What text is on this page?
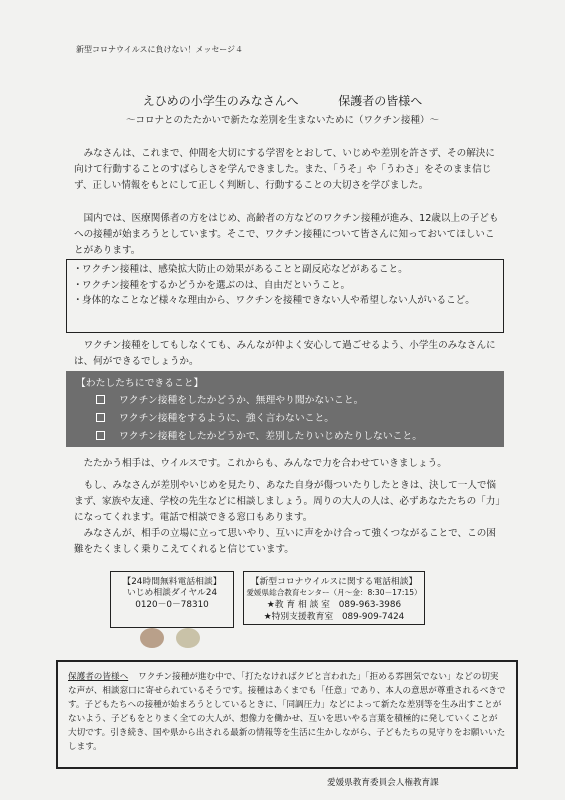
新型コロナウイルスに負けない！メッセージ４
えひめの小学生のみなさんへ	保護者の皆様へ
～コロナとのたたかいで新たな差別を生まないために（ワクチン接種）～

みなさんは、これまで、仲間を大切にする学習をとおして、いじめや差別を許さず、その解決に向けて行動することのすばらしさを学んできました。また、「うそ」や「うわさ」をそのまま信じず、正しい情報をもとにして正しく判断し、行動することの大切さを学びました。

国内では、医療関係者の方をはじめ、高齢者の方などのワクチン接種が進み、12歳以上の子どもへの接種が始まろうとしています。そこで、ワクチン接種について皆さんに知っておいてほしいことがあります。

・ ワクチン接種は、感染拡大防止の効果があることと副反応などがあること。
・ ワクチン接種をするかどうかを選ぶのは、自由だということ。
・ 身体的なことなど様々な理由から、ワクチンを接種できない人や希望しない人がいるこど。

ワクチン接種をしてもしなくても、みんなが仲よく安心して過ごせるよう、小学生のみなさんには、何ができるでしょうか。

【わたしたちにできること】
ワクチン接種をしたかどうか、無理やり聞かないこと。
ワクチン接種をするように、強く言わないこと。
ワクチン接種をしたかどうかで、差別したりいじめたりしないこと。

たたかう相手は、ウイルスです。これからも、みんなで力を合わせていきましょう。

もし、みなさんが差別やいじめを見たり、あなた自身が傷ついたりしたときは、決して一人で悩まず、家族や友達、学校の先生などに相談しましょう。周りの大人の人は、必ずあなたたちの「力」になってくれます。電話で相談できる窓口もあります。

みなさんが、相手の立場に立って思いやり、互いに声をかけ合って強くつながることで、この困難をたくましく乗りこえてくれると信じています。

【24時間無料電話相談】
いじめ相談ダイヤル24
0120－0－78310
【新型コロナウイルスに関する電話相談】
愛媛県総合教育センター（月～金：8:30－17:15）
★教 育 相 談 室　089-963-3986
★特別支援教育室　089-909-7424
保護者の皆様へ ワクチン接種が進む中で、「打たなければクビと言われた」「拒める雰囲気でない」などの切実な声が、相談窓口に寄せられているそうです。接種はあくまでも「任意」であり、本人の意思が尊重されるべきです。子どもたちへの接種が始まろうとしているときに、「同調圧力」などによって新たな差別等を生み出すことがないよう、子どもをとりまく全ての大人が、想像力を働かせ、互いを思いやる言葉を積極的に発していくことが大切です。引き続き、国や県から出される最新の情報等を生活に生かしながら、子どもたちの見守りをお願いいたします。
愛媛県教育委員会人権教育課
